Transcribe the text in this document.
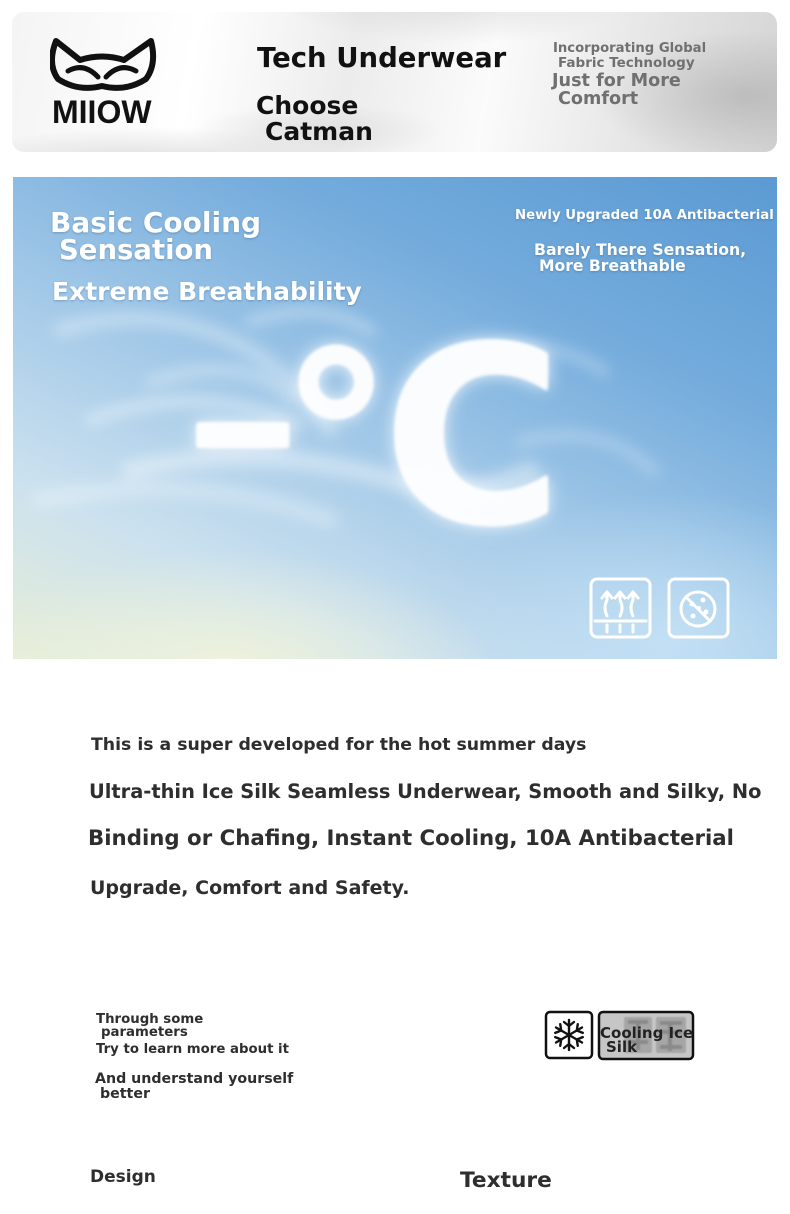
MIIOW
Tech Underwear
Choose
Catman
Incorporating Global
Fabric Technology
Just for More
Comfort
-
°
C
Basic Cooling
Sensation
Extreme Breathability
Newly Upgraded 10A Antibacterial
Barely There Sensation,
More Breathable
This is a super developed for the hot summer days
Ultra-thin Ice Silk Seamless Underwear, Smooth and Silky, No
Binding or Chafing, Instant Cooling, 10A Antibacterial
Upgrade, Comfort and Safety.
Through some
parameters
Try to learn more about it
And understand yourself
better
Cooling Ice
Silk
Design	Texture
